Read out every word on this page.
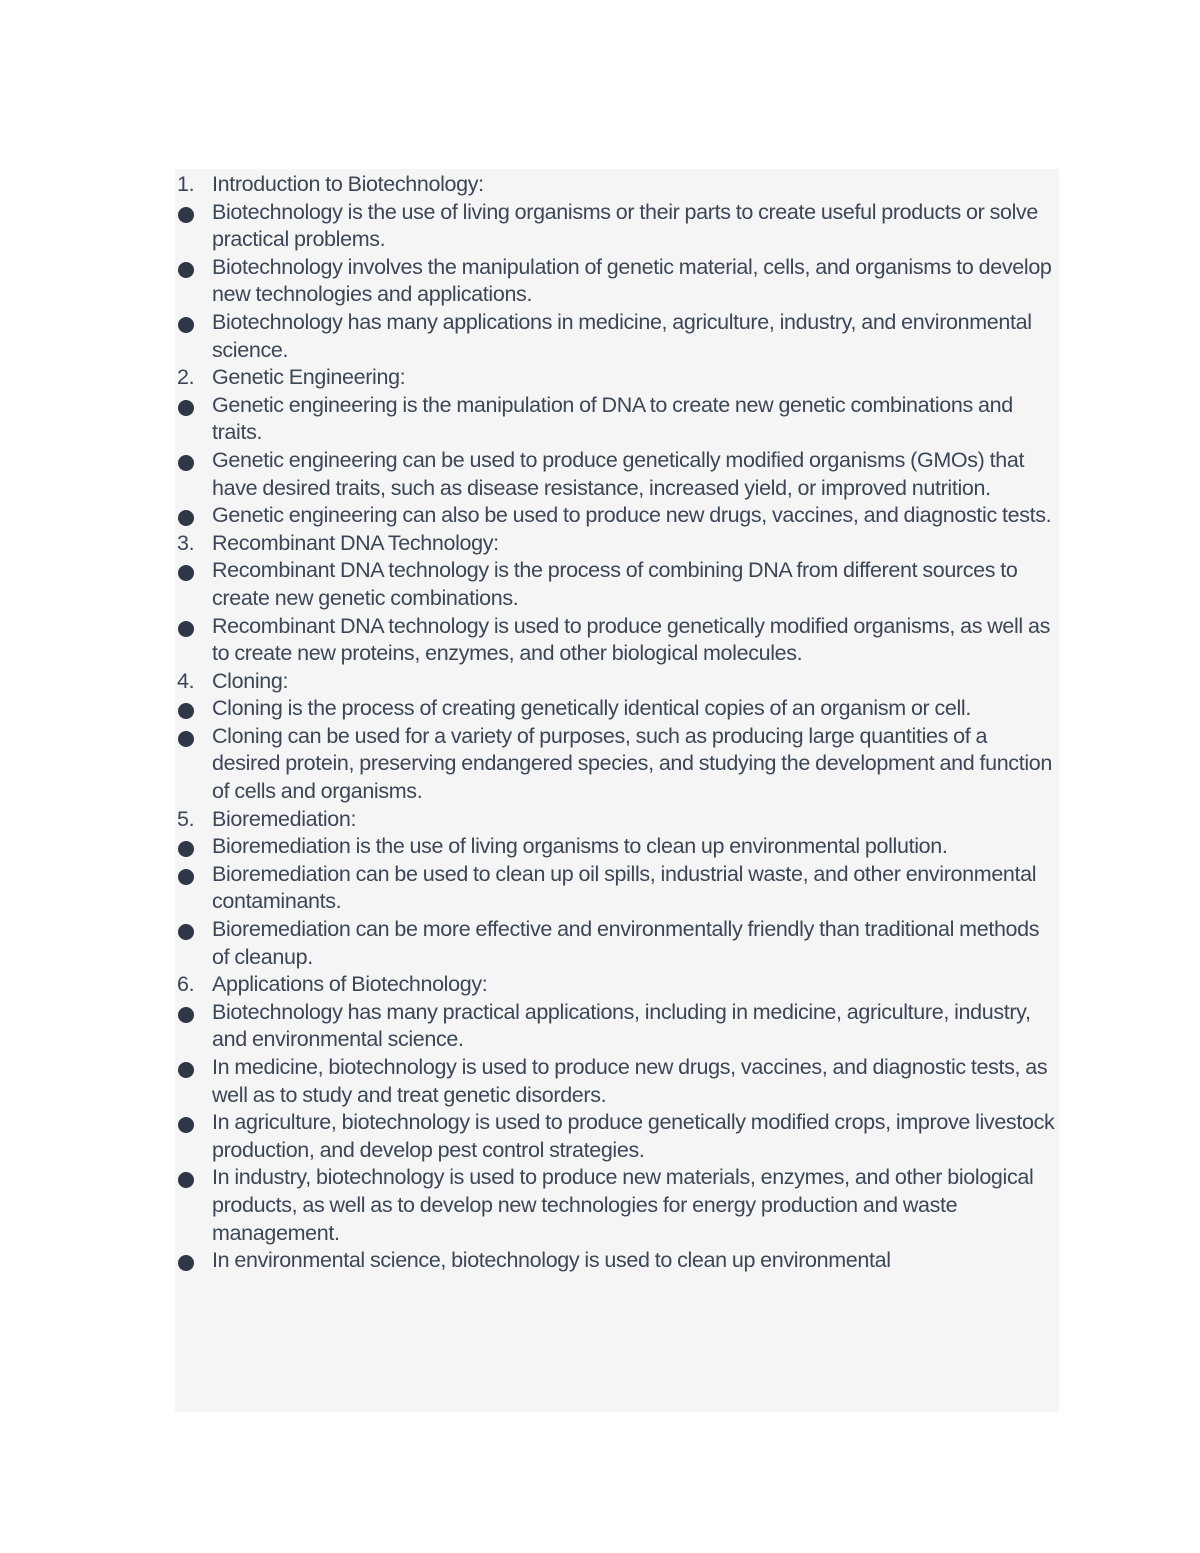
1. Introduction to Biotechnology:
Biotechnology is the use of living organisms or their parts to create useful products or solve practical problems.
Biotechnology involves the manipulation of genetic material, cells, and organisms to develop new technologies and applications.
Biotechnology has many applications in medicine, agriculture, industry, and environmental science.
2. Genetic Engineering:
Genetic engineering is the manipulation of DNA to create new genetic combinations and traits.
Genetic engineering can be used to produce genetically modified organisms (GMOs) that have desired traits, such as disease resistance, increased yield, or improved nutrition.
Genetic engineering can also be used to produce new drugs, vaccines, and diagnostic tests.
3. Recombinant DNA Technology:
Recombinant DNA technology is the process of combining DNA from different sources to create new genetic combinations.
Recombinant DNA technology is used to produce genetically modified organisms, as well as to create new proteins, enzymes, and other biological molecules.
4. Cloning:
Cloning is the process of creating genetically identical copies of an organism or cell.
Cloning can be used for a variety of purposes, such as producing large quantities of a desired protein, preserving endangered species, and studying the development and function of cells and organisms.
5. Bioremediation:
Bioremediation is the use of living organisms to clean up environmental pollution.
Bioremediation can be used to clean up oil spills, industrial waste, and other environmental contaminants.
Bioremediation can be more effective and environmentally friendly than traditional methods of cleanup.
6. Applications of Biotechnology:
Biotechnology has many practical applications, including in medicine, agriculture, industry, and environmental science.
In medicine, biotechnology is used to produce new drugs, vaccines, and diagnostic tests, as well as to study and treat genetic disorders.
In agriculture, biotechnology is used to produce genetically modified crops, improve livestock production, and develop pest control strategies.
In industry, biotechnology is used to produce new materials, enzymes, and other biological products, as well as to develop new technologies for energy production and waste management.
In environmental science, biotechnology is used to clean up environmental
